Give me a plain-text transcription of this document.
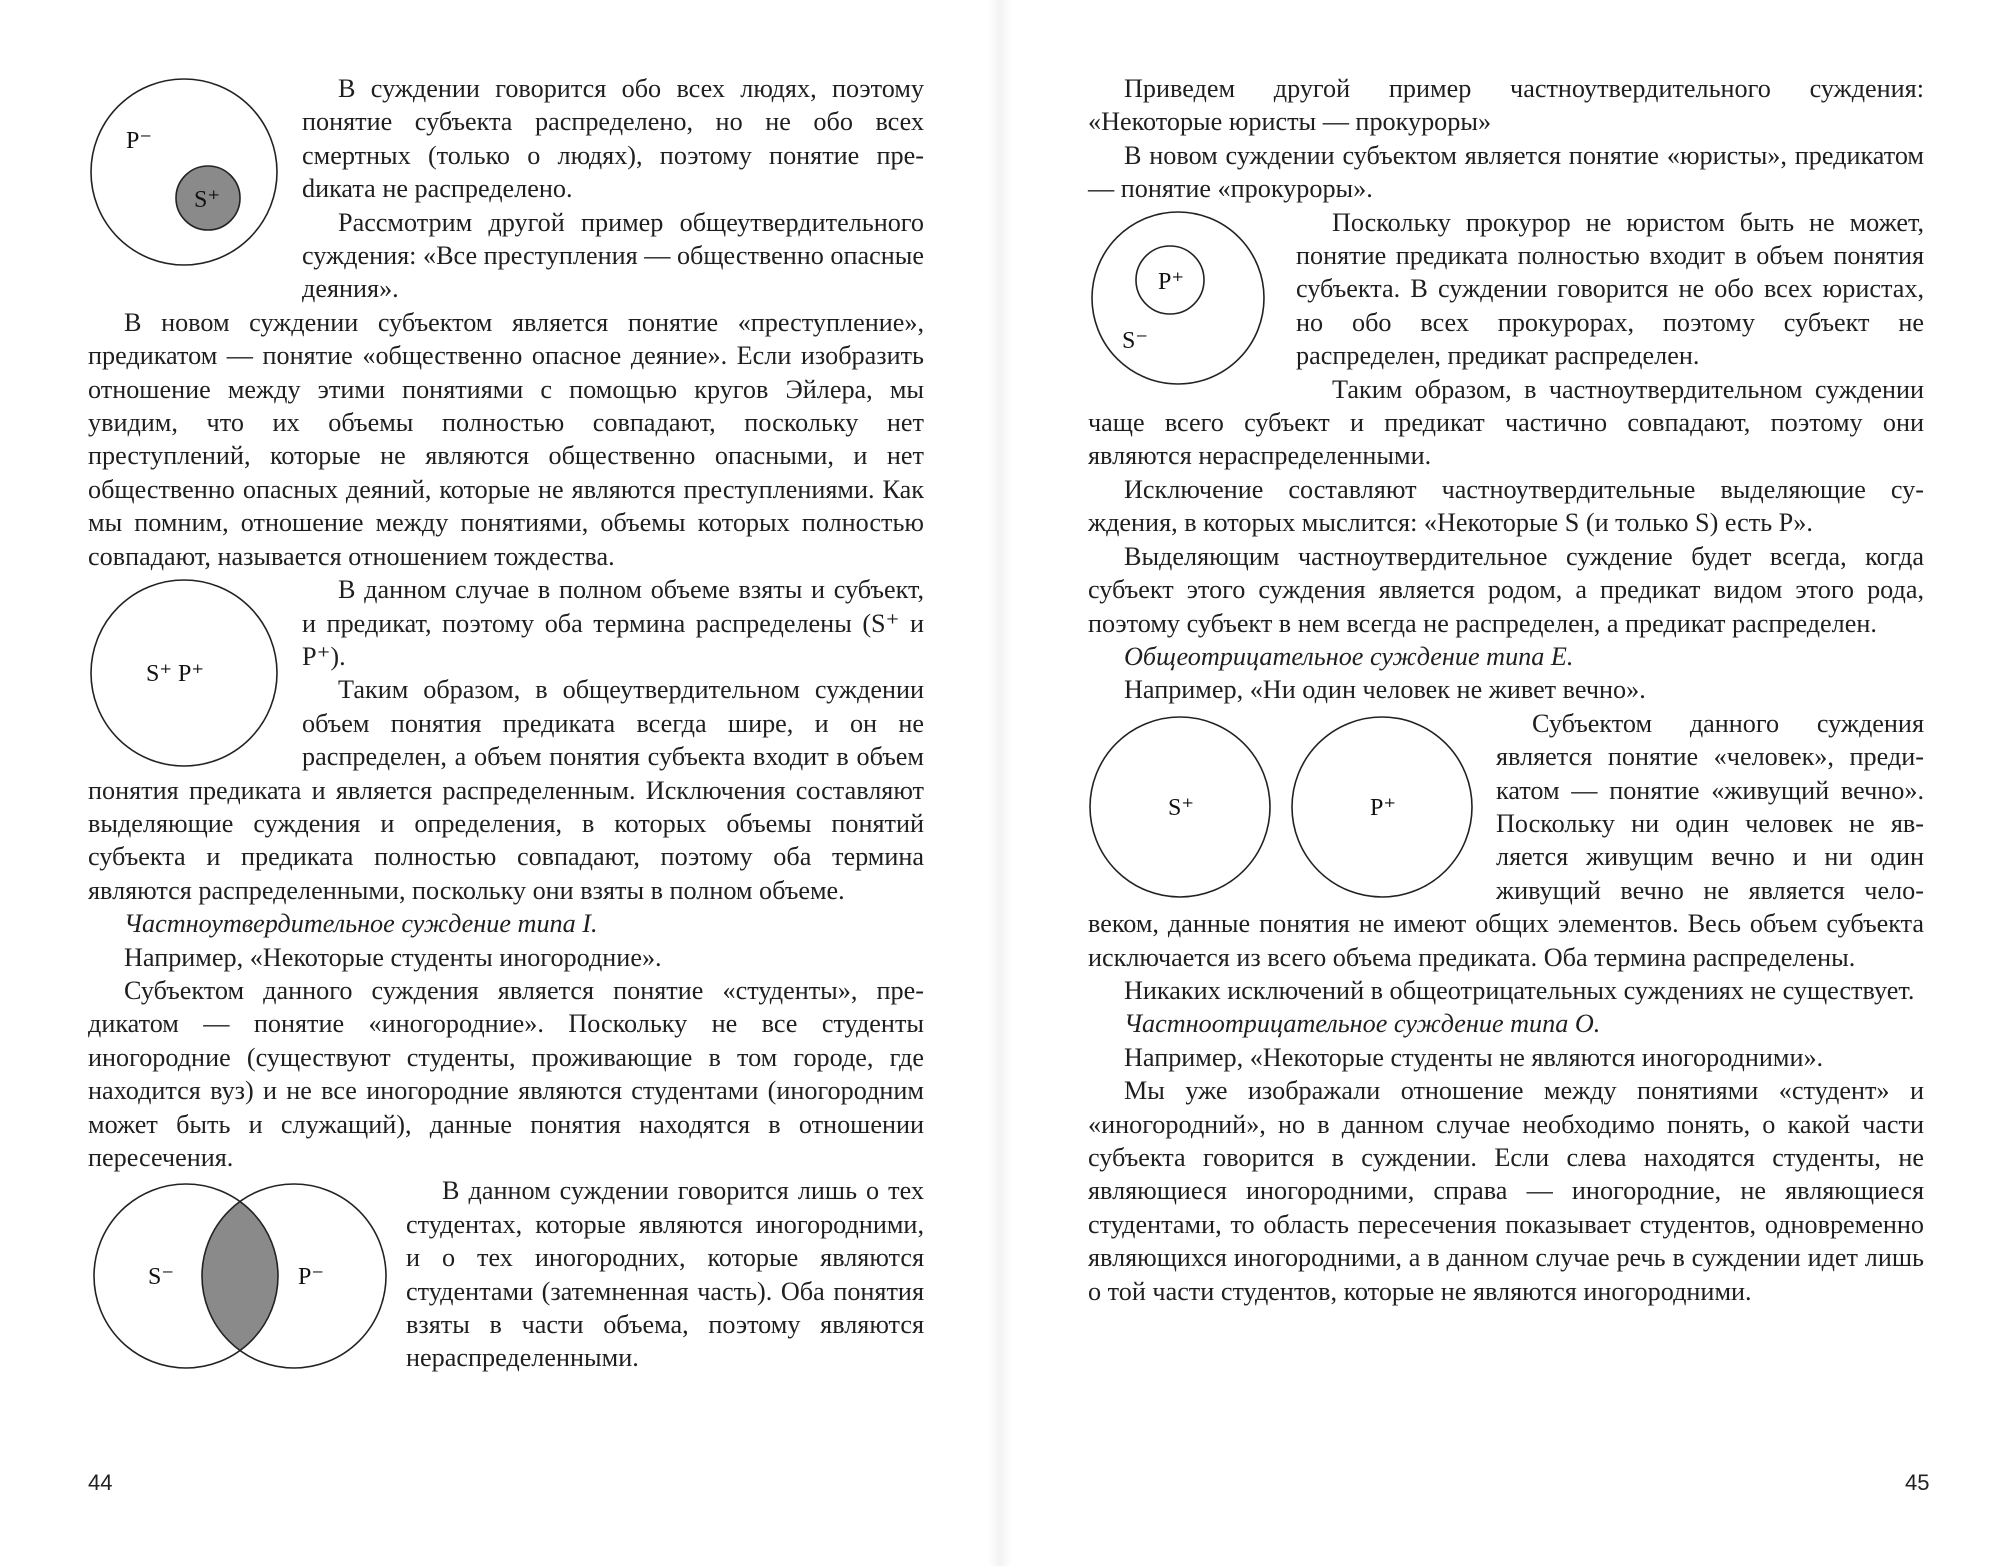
P⁻
S⁺

В суждении говорится обо всех людях, поэтому понятие субъекта распределено, но не обо всех смертных (только о людях), поэтому понятие преdиката не распределено.

Рассмотрим другой пример общеутвердительного суждения: «Все преступления — общественно опасные деяния».

В новом суждении субъектом является понятие «преступление», предикатом — понятие «общественно опасное деяние». Если изобразить отношение между этими понятиями с помощью кругов Эйлера, мы увидим, что их объемы полностью совпадают, поскольку нет преступлений, которые не являются общественно опасными, и нет общественно опасных деяний, которые не являются преступлениями. Как мы помним, отношение между понятиями, объемы которых полностью совпадают, называется отношением тождества.

S⁺ P⁺

В данном случае в полном объеме взяты и субъект, и предикат, поэтому оба термина распределены (S⁺ и P⁺).

Таким образом, в общеутвердительном суждении объем понятия предиката всегда шире, и он не распределен, а объем понятия субъекта входит в объем понятия предиката и является распределенным. Исключения составляют выделяющие суждения и определения, в которых объемы понятий субъекта и предиката полностью совпадают, поэтому оба термина являются распределенными, поскольку они взяты в полном объеме.

Частноутвердительное суждение типа I.

Например, «Некоторые студенты иногородние».

Субъектом данного суждения является понятие «студенты», предикатом — понятие «иногородние». Поскольку не все студенты иногородние (существуют студенты, проживающие в том городе, где находится вуз) и не все иногородние являются студентами (иногородним может быть и служащий), данные понятия находятся в отношении пересечения.

S⁻	P⁻

В данном суждении говорится лишь о тех студентах, которые являются иногородними, и о тех иногородних, которые являются студентами (затемненная часть). Оба понятия взяты в части объема, поэтому являются нераспределенными.

44

Приведем другой пример частноутвердительного суждения: «Некоторые юристы — прокуроры»

В новом суждении субъектом является понятие «юристы», предикатом — понятие «прокуроры».

P⁺
S⁻

Поскольку прокурор не юристом быть не может, понятие предиката полностью входит в объем понятия субъекта. В суждении говорится не обо всех юристах, но обо всех прокурорах, поэтому субъект не распределен, предикат распределен.

Таким образом, в частноутвердительном суждении чаще всего субъект и предикат частично совпадают, поэтому они являются нераспределенными.

Исключение составляют частноутвердительные выделяющие суждения, в которых мыслится: «Некоторые S (и только S) есть P».

Выделяющим частноутвердительное суждение будет всегда, когда субъект этого суждения является родом, а предикат видом этого рода, поэтому субъект в нем всегда не распределен, а предикат распределен.

Общеотрицательное суждение типа E.

Например, «Ни один человек не живет вечно».

S⁺	P⁺

Субъектом данного суждения является понятие «человек», предикатом — понятие «живущий вечно». Поскольку ни один человек не является живущим вечно и ни один живущий вечно не является человеком, данные понятия не имеют общих элементов. Весь объем субъекта исключается из всего объема предиката. Оба термина распределены.

Никаких исключений в общеотрицательных суждениях не существует.

Частноотрицательное суждение типа O.

Например, «Некоторые студенты не являются иногородними».

Мы уже изображали отношение между понятиями «студент» и «иногородний», но в данном случае необходимо понять, о какой части субъекта говорится в суждении. Если слева находятся студенты, не являющиеся иногородними, справа — иногородние, не являющиеся студентами, то область пересечения показывает студентов, одновременно являющихся иногородними, а в данном случае речь в суждении идет лишь о той части студентов, которые не являются иногородними.

45
